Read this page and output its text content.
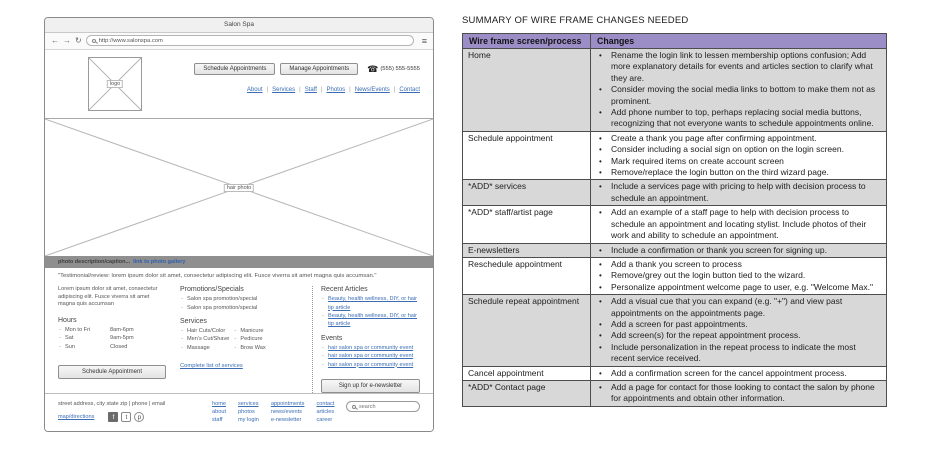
Salon Spa
← → ↻	http://www.salonspa.com	≡
logo
Schedule Appointments	Manage Appointments	☎ (555) 555-5555
About | Services | Staff | Photos | News/Events | Contact
hair photo
photo description/caption... link to photo gallery
"Testimonial/review: lorem ipsum dolor sit amet, consectetur adipiscing elit. Fusce viverra sit amet magna quis accumsan."

Lorem ipsum dolor sit amet, consectetur adipiscing elit. Fusce viverra sit amet magna quis accumsan

Hours
- Mon to Fri	8am-6pm
- Sat	9am-5pm
- Sun	Closed
Schedule Appointment
Promotions/Specials
- Salon spa promotion/special
- Salon spa promotion/special
Services
- Hair Cuts/Color
- Men's Cut/Shave
- Massage
- Manicure
- Pedicure
- Brow Wax
Complete list of services
Recent Articles
- Beauty, health wellness, DIY, or hair tip article
- Beauty, health wellness, DIY, or hair tip article
Events
- hair salon spa or community event
- hair salon spa or community event
- hair salon spa or community event
Sign up for e-newsletter
street address, city state zip | phone | email
map/directions	f	t	p
home
about
staff
services
photos
my login
appointments
news/events
e-newsletter
contact
articles
career
search
SUMMARY OF WIRE FRAME CHANGES NEEDED
Wire frame screen/process	Changes
Home	
•Rename the login link to lessen membership options confusion; Add more explanatory details for events and articles section to clarify what they are.
• Consider moving the social media links to bottom to make them not as prominent.
• Add phone number to top, perhaps replacing social media buttons, recognizing that not everyone wants to schedule appointments online.

Schedule appointment	
•Create a thank you page after confirming appointment.
• Consider including a social sign on option on the login screen.
• Mark required items on create account screen
• Remove/replace the login button on the third wizard page.

*ADD* services	
•Include a services page with pricing to help with decision process to schedule an appointment.

*ADD* staff/artist page	
•Add an example of a staff page to help with decision process to schedule an appointment and locating stylist. Include photos of their work and ability to schedule an appointment.

E-newsletters	
•Include a confirmation or thank you screen for signing up.

Reschedule appointment	
•Add a thank you screen to process
• Remove/grey out the login button tied to the wizard.
• Personalize appointment welcome page to user, e.g. "Welcome Max."

Schedule repeat appointment	
•Add a visual cue that you can expand (e.g. "+") and view past appointments on the appointments page.
• Add a screen for past appointments.
• Add screen(s) for the repeat appointment process.
• Include personalization in the repeat process to indicate the most recent service received.

Cancel appointment	
•Add a confirmation screen for the cancel appointment process.

*ADD* Contact page	
•Add a page for contact for those looking to contact the salon by phone for appointments and obtain other information.
